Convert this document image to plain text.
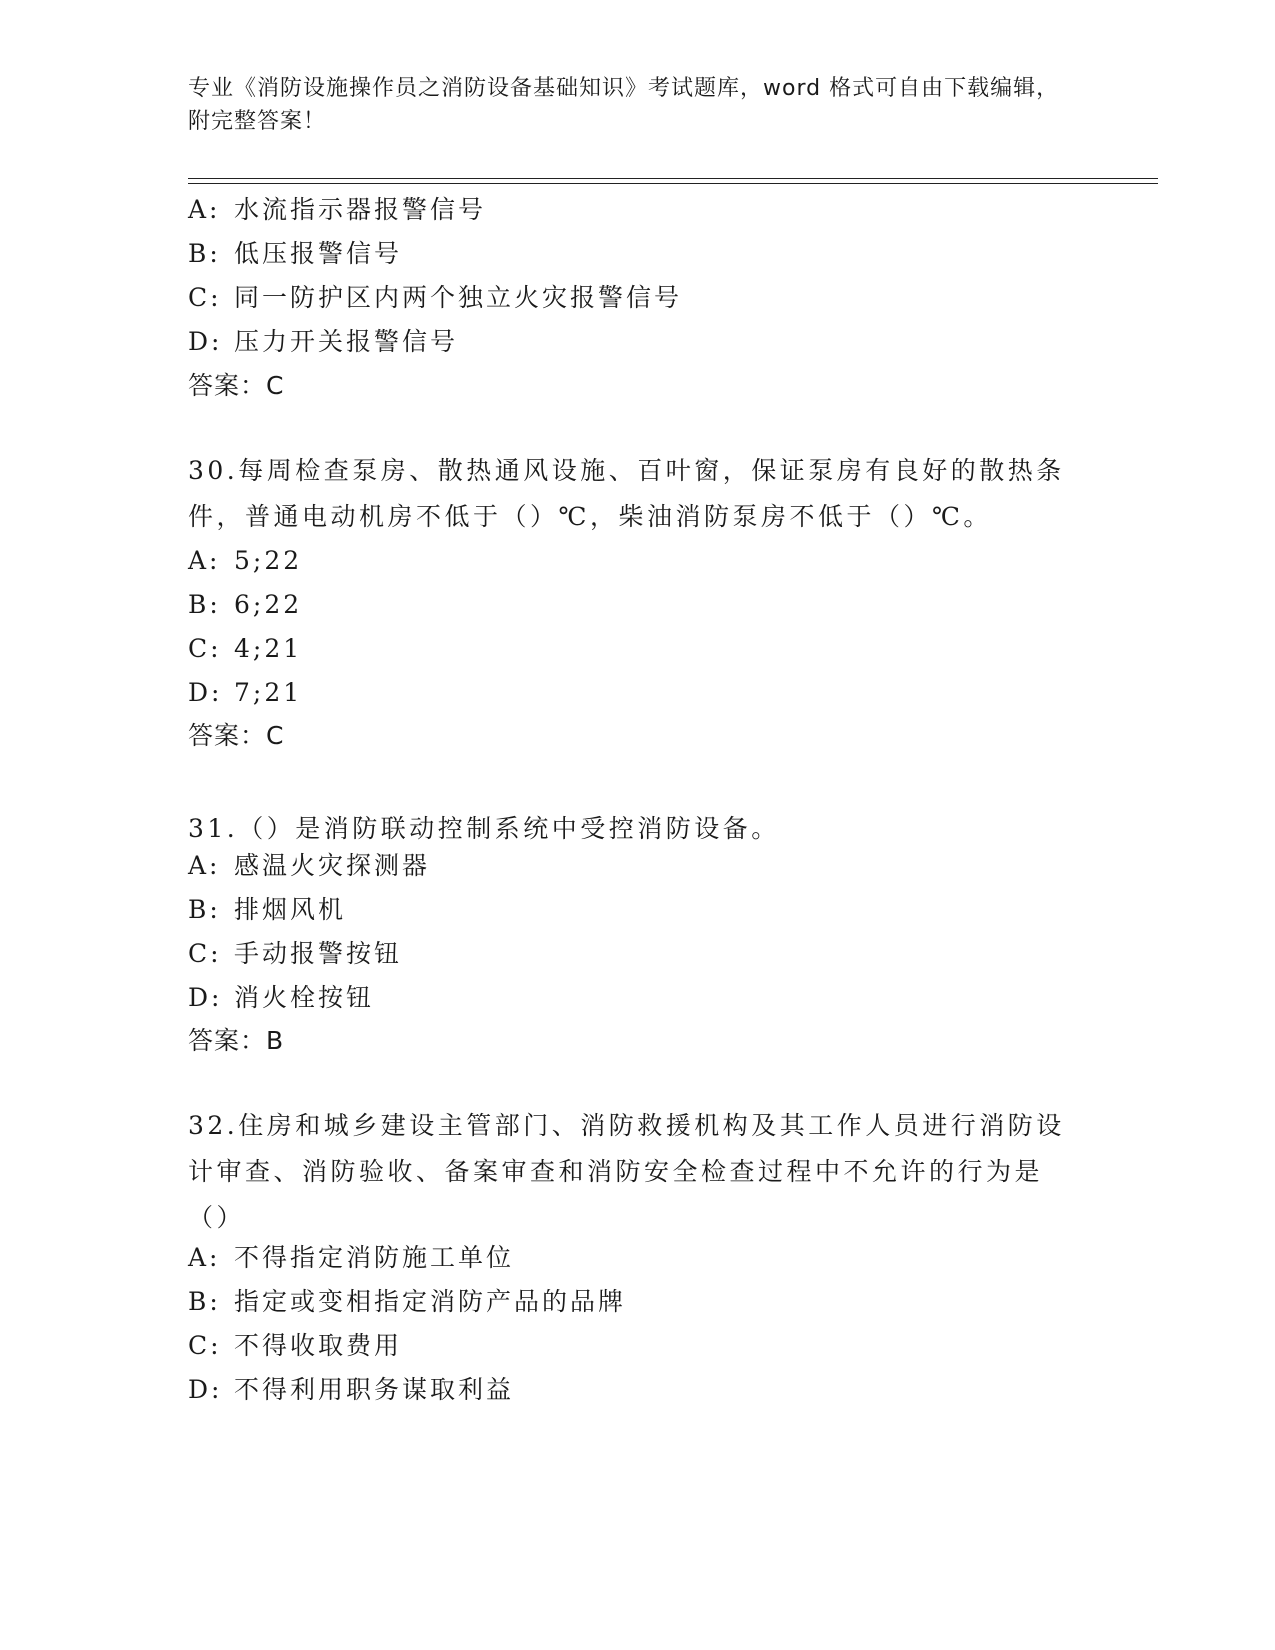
专业《消防设施操作员之消防设备基础知识》考试题库，word 格式可自由下载编辑，附完整答案！
A: 水流指示器报警信号
B: 低压报警信号
C: 同一防护区内两个独立火灾报警信号
D: 压力开关报警信号
答案：C
30.每周检查泵房、散热通风设施、百叶窗，保证泵房有良好的散热条件，普通电动机房不低于（）℃，柴油消防泵房不低于（）℃。
A: 5;22
B: 6;22
C: 4;21
D: 7;21
答案：C
31.（）是消防联动控制系统中受控消防设备。
A: 感温火灾探测器
B: 排烟风机
C: 手动报警按钮
D: 消火栓按钮
答案：B
32.住房和城乡建设主管部门、消防救援机构及其工作人员进行消防设计审查、消防验收、备案审查和消防安全检查过程中不允许的行为是（）
A: 不得指定消防施工单位
B: 指定或变相指定消防产品的品牌
C: 不得收取费用
D: 不得利用职务谋取利益
